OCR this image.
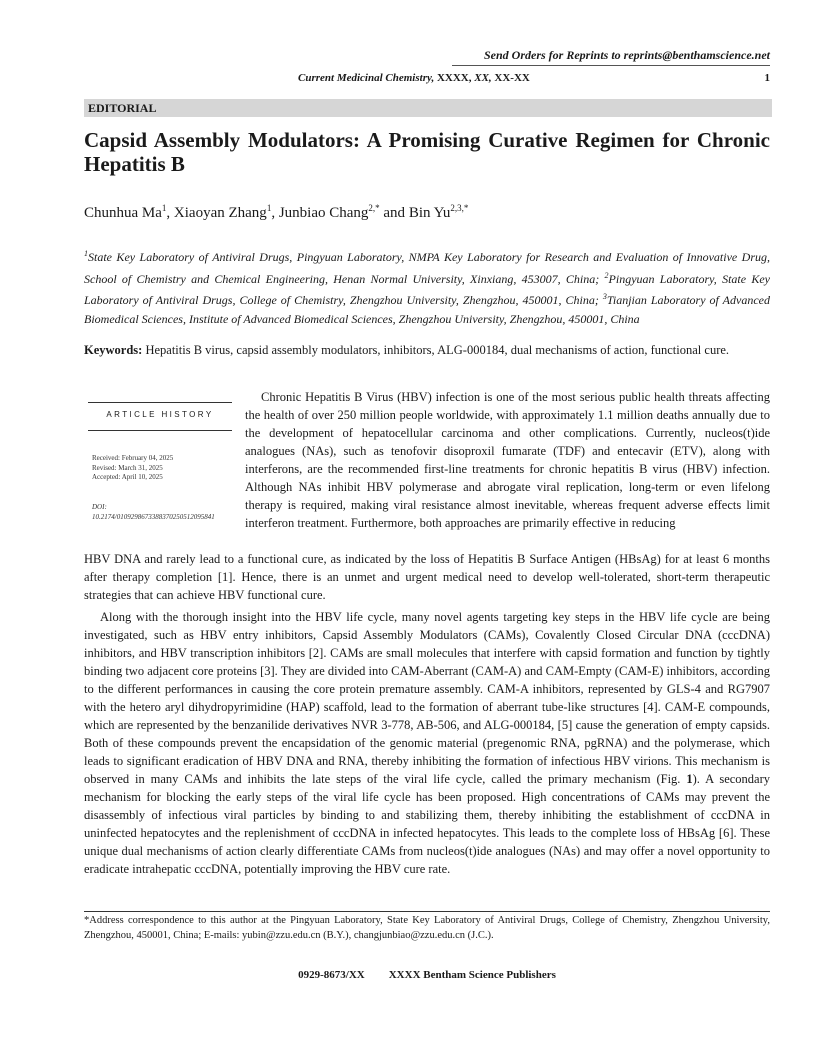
Send Orders for Reprints to reprints@benthamscience.net
Current Medicinal Chemistry, XXXX, XX, XX-XX	1
EDITORIAL
Capsid Assembly Modulators: A Promising Curative Regimen for Chronic Hepatitis B
Chunhua Ma$^1$, Xiaoyan Zhang$^1$, Junbiao Chang$^{2,*}$ and Bin $Yu^{2,3,*}$
$^1$State Key Laboratory of Antiviral Drugs, Pingyuan Laboratory, NMPA Key Laboratory for Research and Evaluation of Innovative Drug, School of Chemistry and Chemical Engineering, Henan Normal University, Xinxiang, 453007, China; $^2$Pingyuan Laboratory, State Key Laboratory of Antiviral Drugs, College of Chemistry, Zhengzhou University, Zhengzhou, 450001, China; $^3$Tianjian Laboratory of Advanced Biomedical Sciences, Institute of Advanced Biomedical Sciences, Zhengzhou University, Zhengzhou, 450001, China
Keywords: Hepatitis B virus, capsid assembly modulators, inhibitors, ALG-000184, dual mechanisms of action, functional cure.
ARTICLE HISTORY
Received: February 04, 2025
Revised: March 31, 2025
Accepted: April 10, 2025
DOI:
10.2174/0109298673388370250512095841
Chronic Hepatitis B Virus (HBV) infection is one of the most serious public health threats affecting the health of over 250 million people worldwide, with approximately 1.1 million deaths annually due to the development of hepatocellular carcinoma and other complications. Currently, nucleos(t)ide analogues (NAs), such as tenofovir disoproxil fumarate (TDF) and entecavir (ETV), along with interferons, are the recommended first-line treatments for chronic hepatitis B virus (HBV) infection. Although NAs inhibit HBV polymerase and abrogate viral replication, long-term or even lifelong therapy is required, making viral resistance almost inevitable, whereas frequent adverse effects limit interferon treatment. Furthermore, both approaches are primarily effective in reducing
HBV DNA and rarely lead to a functional cure, as indicated by the loss of Hepatitis B Surface Antigen (HBsAg) for at least 6 months after therapy completion [1]. Hence, there is an unmet and urgent medical need to develop well-tolerated, short-term therapeutic strategies that can achieve HBV functional cure.
Along with the thorough insight into the HBV life cycle, many novel agents targeting key steps in the HBV life cycle are being investigated, such as HBV entry inhibitors, Capsid Assembly Modulators (CAMs), Covalently Closed Circular DNA (cccDNA) inhibitors, and HBV transcription inhibitors [2]. CAMs are small molecules that interfere with capsid formation and function by tightly binding two adjacent core proteins [3]. They are divided into CAM-Aberrant (CAM-A) and CAM-Empty (CAM-E) inhibitors, according to the different performances in causing the core protein premature assembly. CAM-A inhibitors, represented by GLS-4 and RG7907 with the hetero aryl dihydropyrimidine (HAP) scaffold, lead to the formation of aberrant tube-like structures [4]. CAM-E compounds, which are represented by the benzanilide derivatives NVR 3-778, AB-506, and ALG-000184, [5] cause the generation of empty capsids. Both of these compounds prevent the encapsidation of the genomic material (pregenomic RNA, pgRNA) and the polymerase, which leads to significant eradication of HBV DNA and RNA, thereby inhibiting the formation of infectious HBV virions. This mechanism is observed in many CAMs and inhibits the late steps of the viral life cycle, called the primary mechanism (Fig. 1). A secondary mechanism for blocking the early steps of the viral life cycle has been proposed. High concentrations of CAMs may prevent the disassembly of infectious viral particles by binding to and stabilizing them, thereby inhibiting the establishment of cccDNA in uninfected hepatocytes and the replenishment of cccDNA in infected hepatocytes. This leads to the complete loss of HBsAg [6]. These unique dual mechanisms of action clearly differentiate CAMs from nucleos(t)ide analogues (NAs) and may offer a novel opportunity to eradicate intrahepatic cccDNA, potentially improving the HBV cure rate.
*Address correspondence to this author at the Pingyuan Laboratory, State Key Laboratory of Antiviral Drugs, College of Chemistry, Zhengzhou University, Zhengzhou, 450001, China; E-mails: yubin@zzu.edu.cn (B.Y.), changjunbiao@zzu.edu.cn (J.C.).
0929-8673/XX XXXX Bentham Science Publishers
